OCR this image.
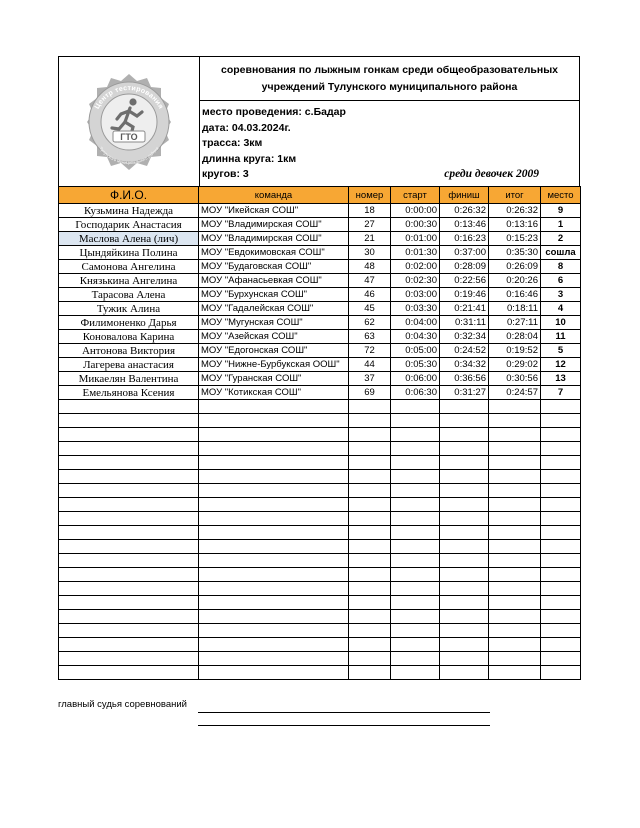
Центр тестирования
Тулунского муниципального района
ГТО
соревнования по лыжным гонкам среди общеобразовательных
учреждений Тулунского муниципального района
место проведения: с.Бадар
дата: 04.03.2024г.
трасса: 3км
длинна круга: 1км
кругов: 3	среди девочек 2009
Ф.И.О.	команда	номер	старт	финиш	итог	место
Кузьмина Надежда	МОУ "Икейская СОШ"	18	0:00:00	0:26:32	0:26:32	9
Господарик Анастасия	МОУ "Владимирская СОШ"	27	0:00:30	0:13:46	0:13:16	1
Маслова Алена (лич)	МОУ "Владимирская СОШ"	21	0:01:00	0:16:23	0:15:23	2
Цындяйкина Полина	МОУ "Евдокимовская СОШ"	30	0:01:30	0:37:00	0:35:30	сошла
Самонова Ангелина	МОУ "Будаговская СОШ"	48	0:02:00	0:28:09	0:26:09	8
Князькина Ангелина	МОУ "Афанасьевкая СОШ"	47	0:02:30	0:22:56	0:20:26	6
Тарасова Алена	МОУ "Бурхунская СОШ"	46	0:03:00	0:19:46	0:16:46	3
Тужик Алина	МОУ "Гадалейская СОШ"	45	0:03:30	0:21:41	0:18:11	4
Филимоненко Дарья	МОУ "Мугунская СОШ"	62	0:04:00	0:31:11	0:27:11	10
Коновалова Карина	МОУ "Азейская СОШ"	63	0:04:30	0:32:34	0:28:04	11
Антонова Виктория	МОУ "Едогонская СОШ"	72	0:05:00	0:24:52	0:19:52	5
Лагерева анастасия	МОУ "Нижне-Бурбукская ООШ"	44	0:05:30	0:34:32	0:29:02	12
Микаелян Валентина	МОУ "Гуранская СОШ"	37	0:06:00	0:36:56	0:30:56	13
Емельянова Ксения	МОУ "Котикская СОШ"	69	0:06:30	0:31:27	0:24:57	7

главный судья соревнований
